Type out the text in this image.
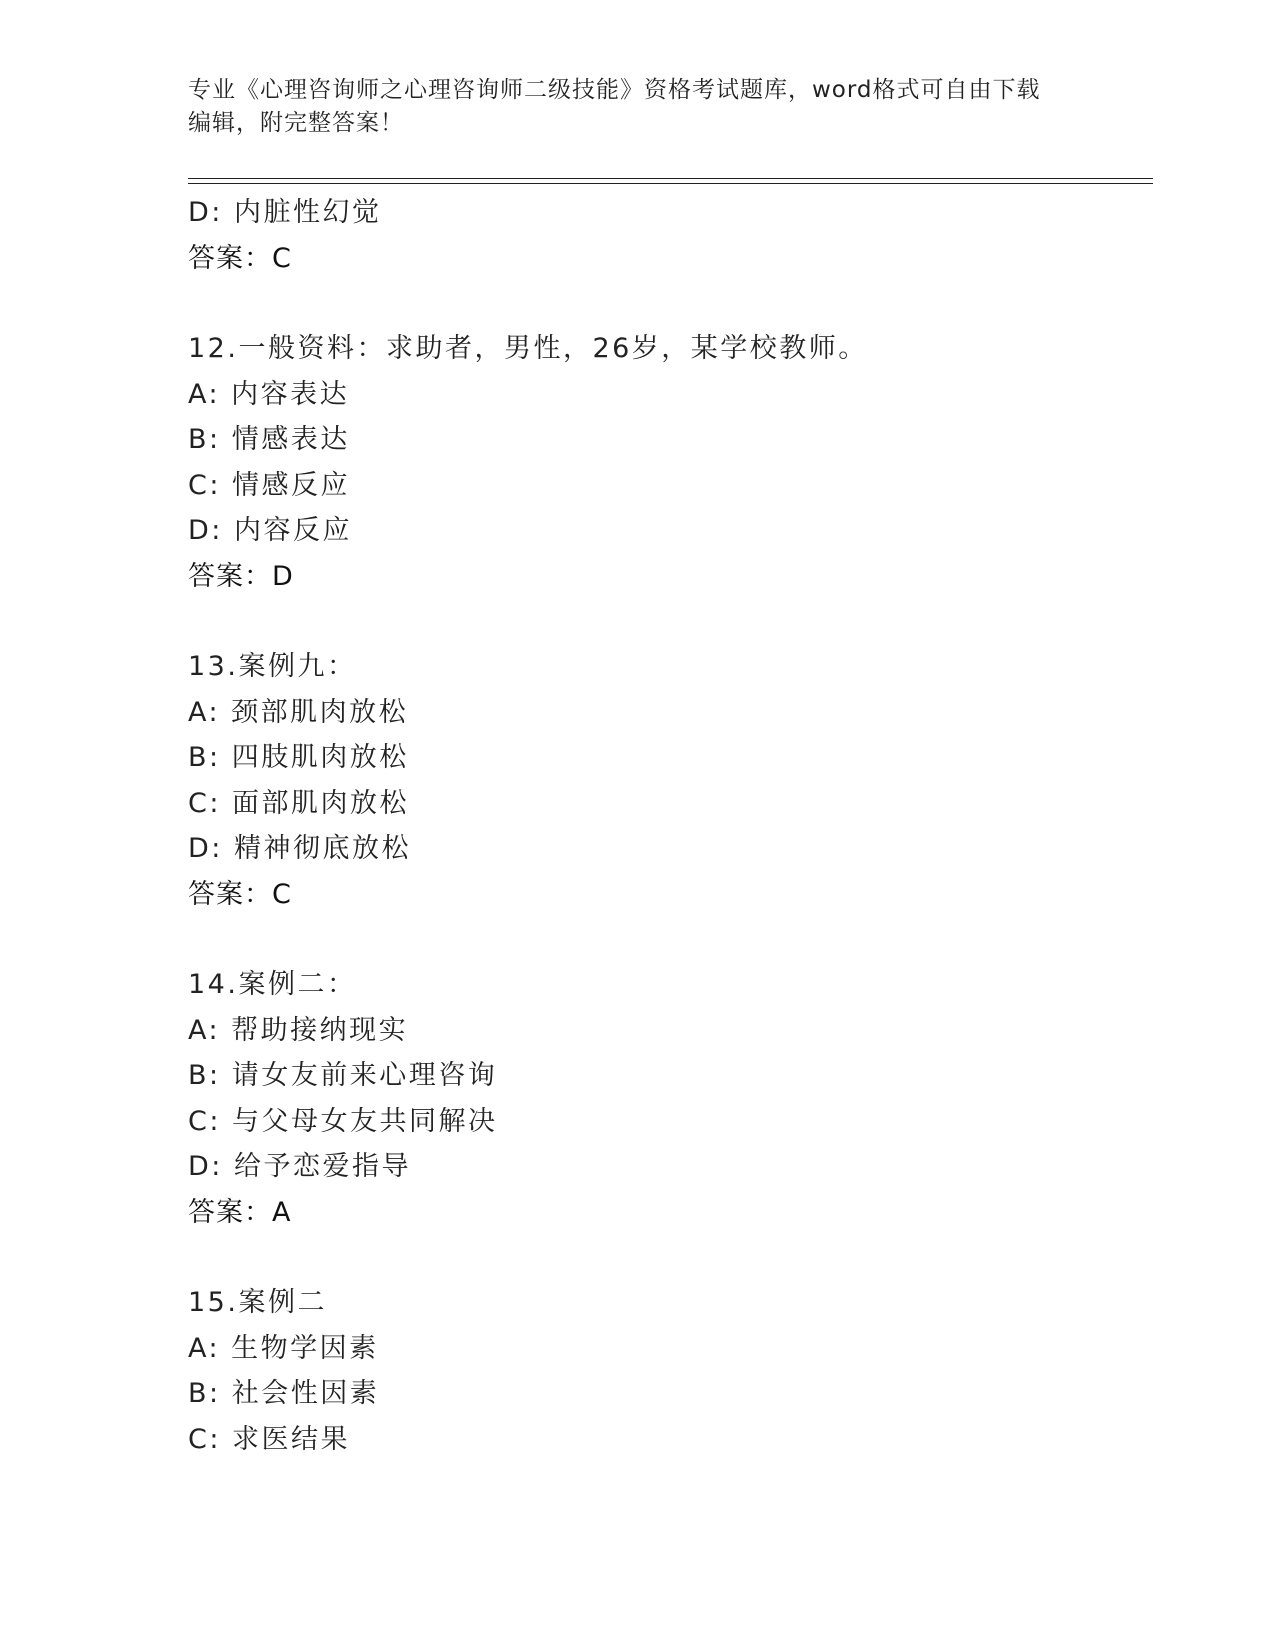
专业《心理咨询师之心理咨询师二级技能》资格考试题库，word格式可自由下载
编辑，附完整答案！
D: 内脏性幻觉
答案：C
12.一般资料：求助者，男性，26岁，某学校教师。
A: 内容表达
B: 情感表达
C: 情感反应
D: 内容反应
答案：D
13.案例九：
A: 颈部肌肉放松
B: 四肢肌肉放松
C: 面部肌肉放松
D: 精神彻底放松
答案：C
14.案例二：
A: 帮助接纳现实
B: 请女友前来心理咨询
C: 与父母女友共同解决
D: 给予恋爱指导
答案：A
15.案例二
A: 生物学因素
B: 社会性因素
C: 求医结果
